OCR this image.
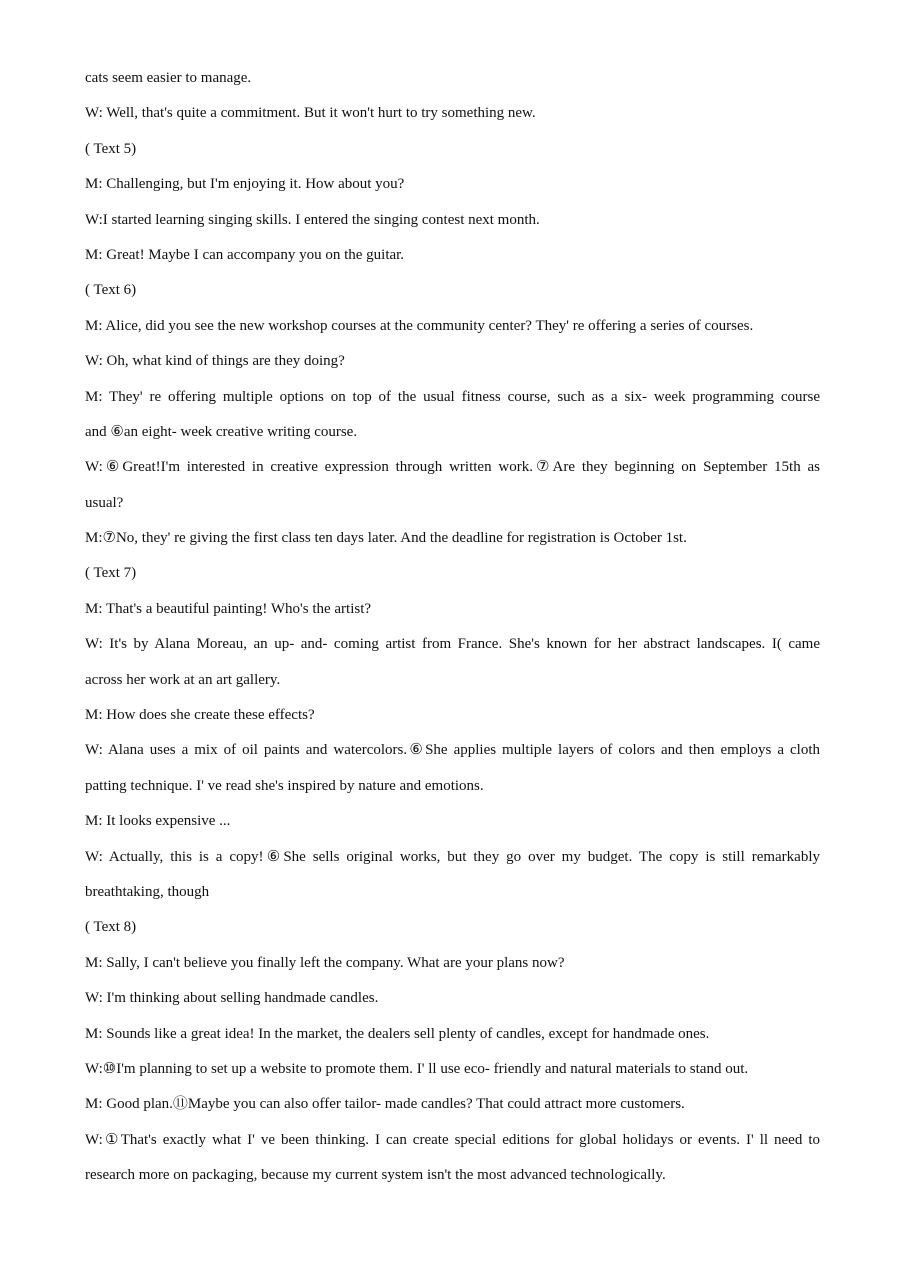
cats seem easier to manage.
W: Well, that's quite a commitment. But it won't hurt to try something new.
( Text 5)
M: Challenging, but I'm enjoying it. How about you?
W:I started learning singing skills. I entered the singing contest next month.
M: Great! Maybe I can accompany you on the guitar.
( Text 6)
M: Alice, did you see the new workshop courses at the community center? They' re offering a series of courses.
W: Oh, what kind of things are they doing?
M: They' re offering multiple options on top of the usual fitness course, such as a six- week programming course
and ⑥an eight- week creative writing course.
W:⑥Great!I'm interested in creative expression through written work.⑦Are they beginning on September 15th as
usual?
M:⑦No, they' re giving the first class ten days later. And the deadline for registration is October 1st.
( Text 7)
M: That's a beautiful painting! Who's the artist?
W: It's by Alana Moreau, an up- and- coming artist from France. She's known for her abstract landscapes. I( came
across her work at an art gallery.
M: How does she create these effects?
W: Alana uses a mix of oil paints and watercolors.⑥She applies multiple layers of colors and then employs a cloth
patting technique. I' ve read she's inspired by nature and emotions.
M: It looks expensive ...
W: Actually, this is a copy!⑥She sells original works, but they go over my budget. The copy is still remarkably
breathtaking, though
( Text 8)
M: Sally, I can't believe you finally left the company. What are your plans now?
W: I'm thinking about selling handmade candles.
M: Sounds like a great idea! In the market, the dealers sell plenty of candles, except for handmade ones.
W:⑩I'm planning to set up a website to promote them. I' ll use eco- friendly and natural materials to stand out.
M: Good plan.⑪Maybe you can also offer tailor- made candles? That could attract more customers.
W:①That's exactly what I' ve been thinking. I can create special editions for global holidays or events. I' ll need to
research more on packaging, because my current system isn't the most advanced technologically.
